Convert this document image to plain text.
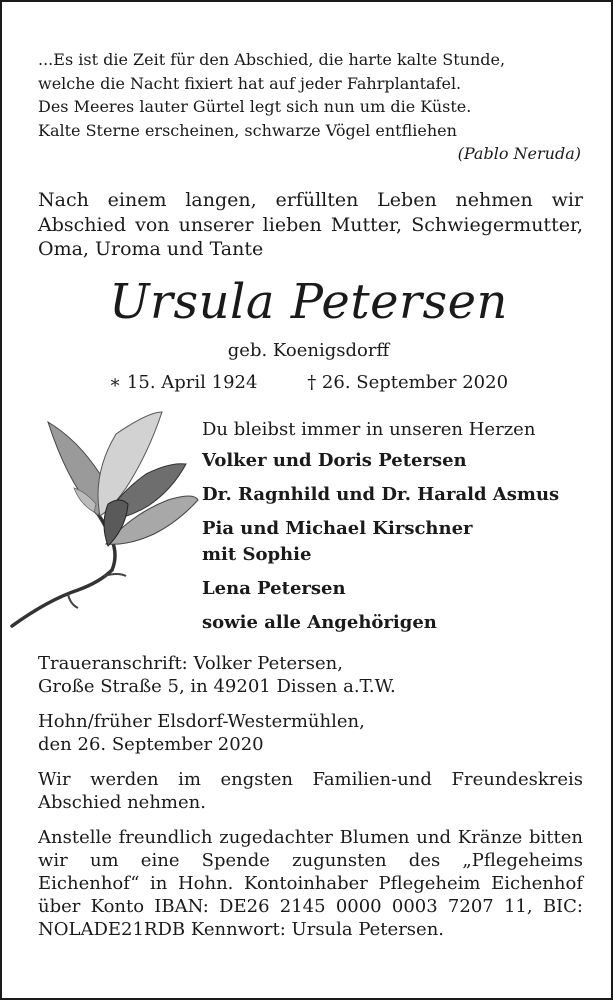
...Es ist die Zeit für den Abschied, die harte kalte Stunde,
welche die Nacht fixiert hat auf jeder Fahrplantafel.
Des Meeres lauter Gürtel legt sich nun um die Küste.
Kalte Sterne erscheinen, schwarze Vögel entfliehen
(Pablo Neruda)
Nach einem langen, erfüllten Leben nehmen wir
Abschied von unserer lieben Mutter, Schwiegermutter,
Oma, Uroma und Tante
Ursula Petersen
geb. Koenigsdorff
∗ 15. April 1924	† 26. September 2020
Du bleibst immer in unseren Herzen
Volker und Doris Petersen
Dr. Ragnhild und Dr. Harald Asmus
Pia und Michael Kirschner
mit Sophie
Lena Petersen
sowie alle Angehörigen

Traueranschrift: Volker Petersen,
Große Straße 5, in 49201 Dissen a.T.W.

Hohn/früher Elsdorf-Westermühlen,
den 26. September 2020

Wir werden im engsten Familien-und Freundeskreis Abschied nehmen.

Anstelle freundlich zugedachter Blumen und Kränze bitten wir um eine Spende zugunsten des „Pflegeheims Eichenhof“ in Hohn. Kontoinhaber Pflegeheim Eichenhof über Konto IBAN: DE26 2145 0000 0003 7207 11, BIC: NOLADE21RDB Kennwort: Ursula Petersen.
